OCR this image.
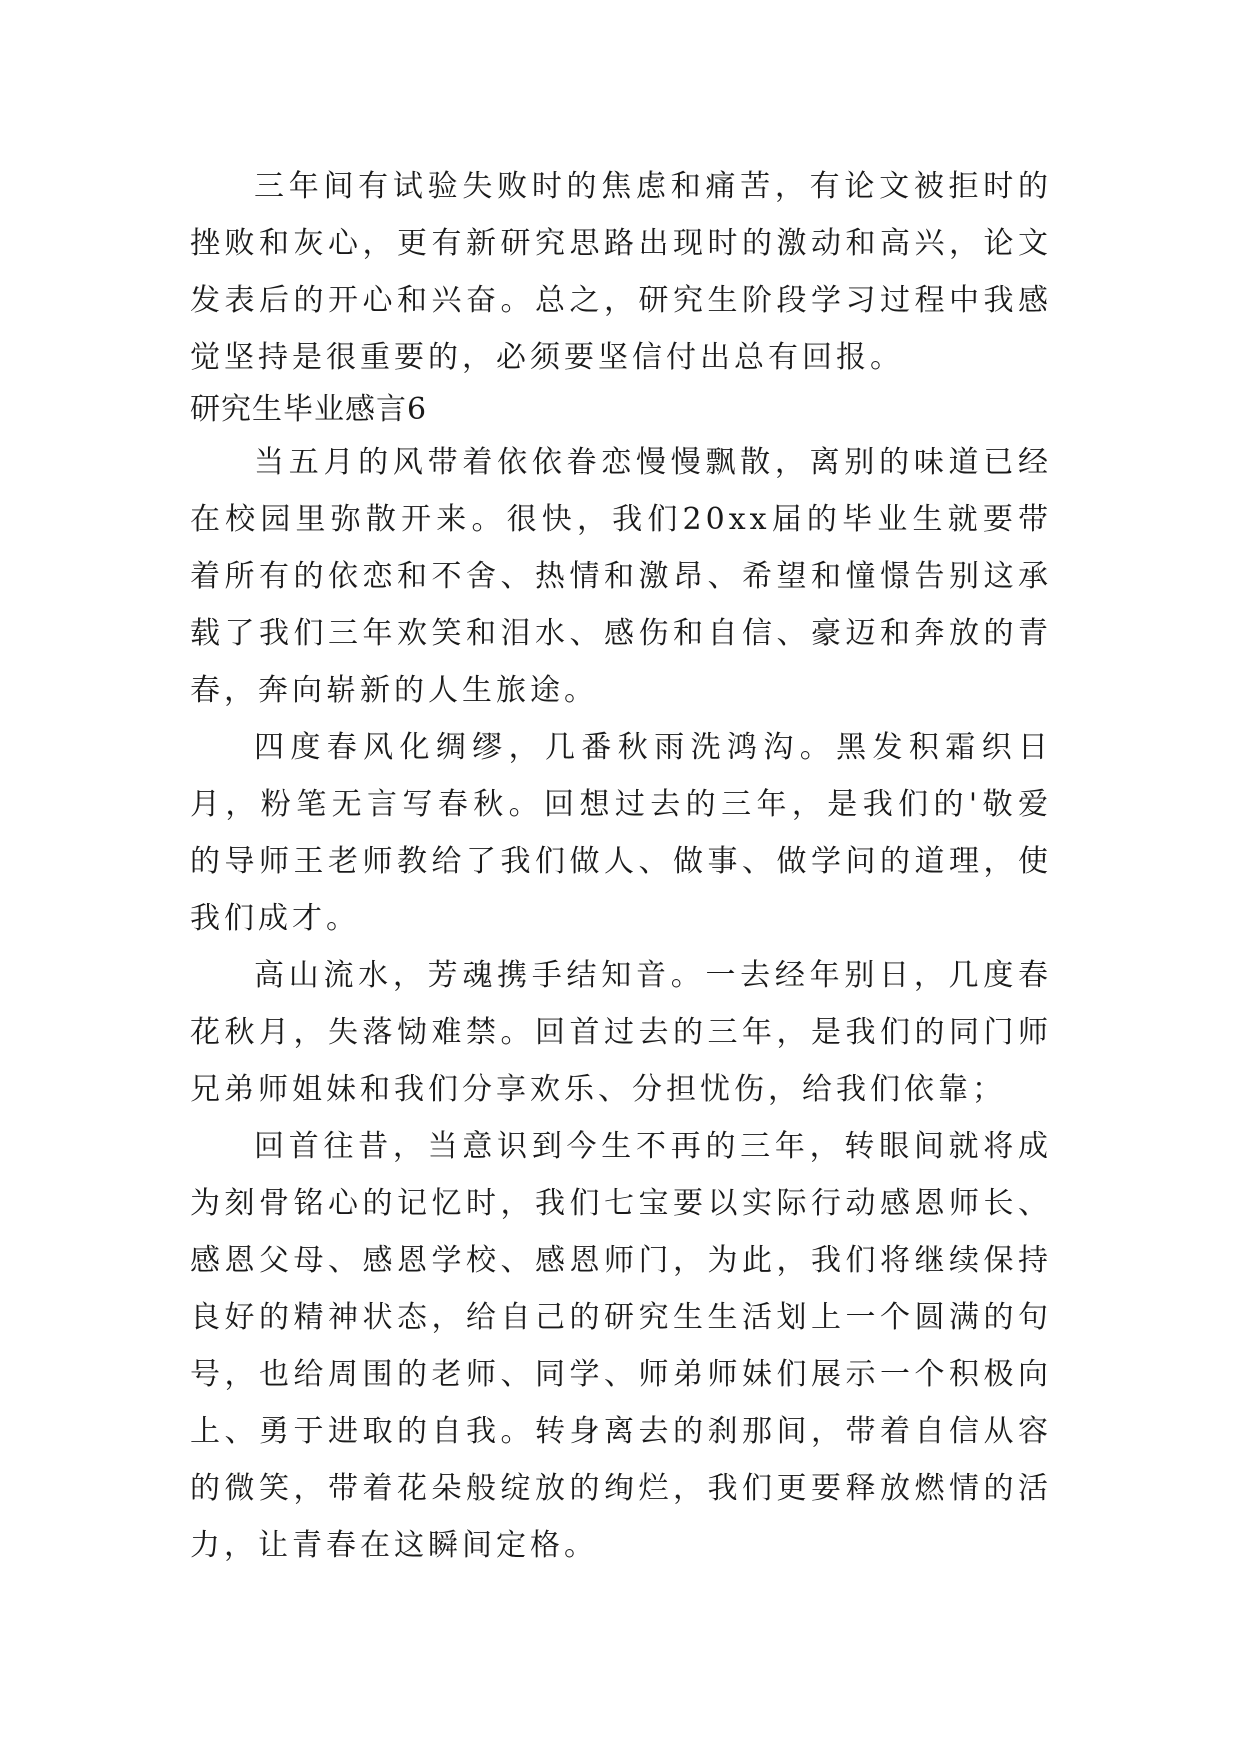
三年间有试验失败时的焦虑和痛苦，有论文被拒时的挫败和灰心，更有新研究思路出现时的激动和高兴，论文发表后的开心和兴奋。总之，研究生阶段学习过程中我感觉坚持是很重要的，必须要坚信付出总有回报。

研究生毕业感言6

当五月的风带着依依眷恋慢慢飘散，离别的味道已经在校园里弥散开来。很快，我们20xx届的毕业生就要带着所有的依恋和不舍、热情和激昂、希望和憧憬告别这承载了我们三年欢笑和泪水、感伤和自信、豪迈和奔放的青春，奔向崭新的人生旅途。

四度春风化绸缪，几番秋雨洗鸿沟。黑发积霜织日月，粉笔无言写春秋。回想过去的三年，是我们的'敬爱的导师王老师教给了我们做人、做事、做学问的道理，使我们成才。

高山流水，芳魂携手结知音。一去经年别日，几度春花秋月，失落恸难禁。回首过去的三年，是我们的同门师兄弟师姐妹和我们分享欢乐、分担忧伤，给我们依靠；

回首往昔，当意识到今生不再的三年，转眼间就将成为刻骨铭心的记忆时，我们七宝要以实际行动感恩师长、感恩父母、感恩学校、感恩师门，为此，我们将继续保持良好的精神状态，给自己的研究生生活划上一个圆满的句号，也给周围的老师、同学、师弟师妹们展示一个积极向上、勇于进取的自我。转身离去的刹那间，带着自信从容的微笑，带着花朵般绽放的绚烂，我们更要释放燃情的活力，让青春在这瞬间定格。
